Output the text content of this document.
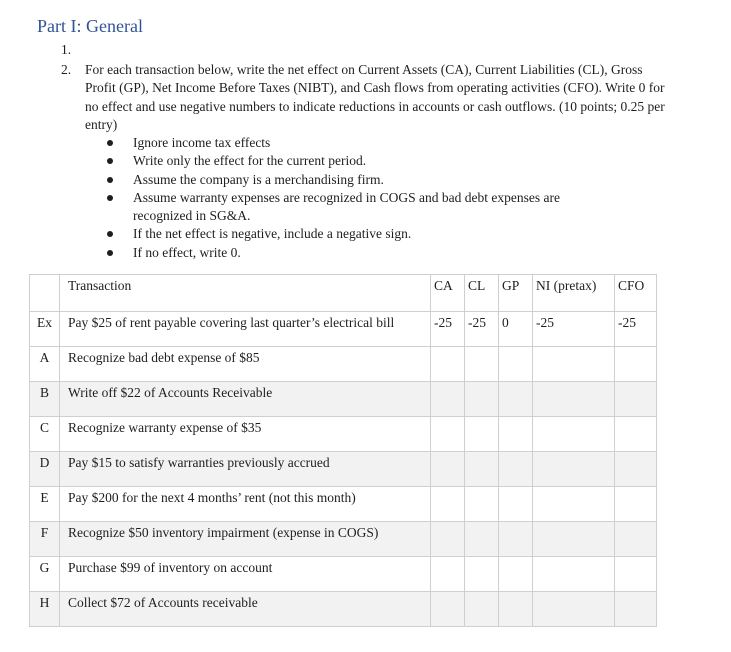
Part I: General
1.
2. For each transaction below, write the net effect on Current Assets (CA), Current Liabilities (CL), Gross Profit (GP), Net Income Before Taxes (NIBT), and Cash flows from operating activities (CFO). Write 0 for no effect and use negative numbers to indicate reductions in accounts or cash outflows. (10 points; 0.25 per entry)
Ignore income tax effects
Write only the effect for the current period.
Assume the company is a merchandising firm.
Assume warranty expenses are recognized in COGS and bad debt expenses are recognized in SG&A.
If the net effect is negative, include a negative sign.
If no effect, write 0.
	Transaction	CA	CL	GP	NI (pretax)	CFO
Ex	Pay $25 of rent payable covering last quarter’s electrical bill	-25	-25	0	-25	-25
A	Recognize bad debt expense of $85					
B	Write off $22 of Accounts Receivable					
C	Recognize warranty expense of $35					
D	Pay $15 to satisfy warranties previously accrued					
E	Pay $200 for the next 4 months’ rent (not this month)					
F	Recognize $50 inventory impairment (expense in COGS)					
G	Purchase $99 of inventory on account					
H	Collect $72 of Accounts receivable					
